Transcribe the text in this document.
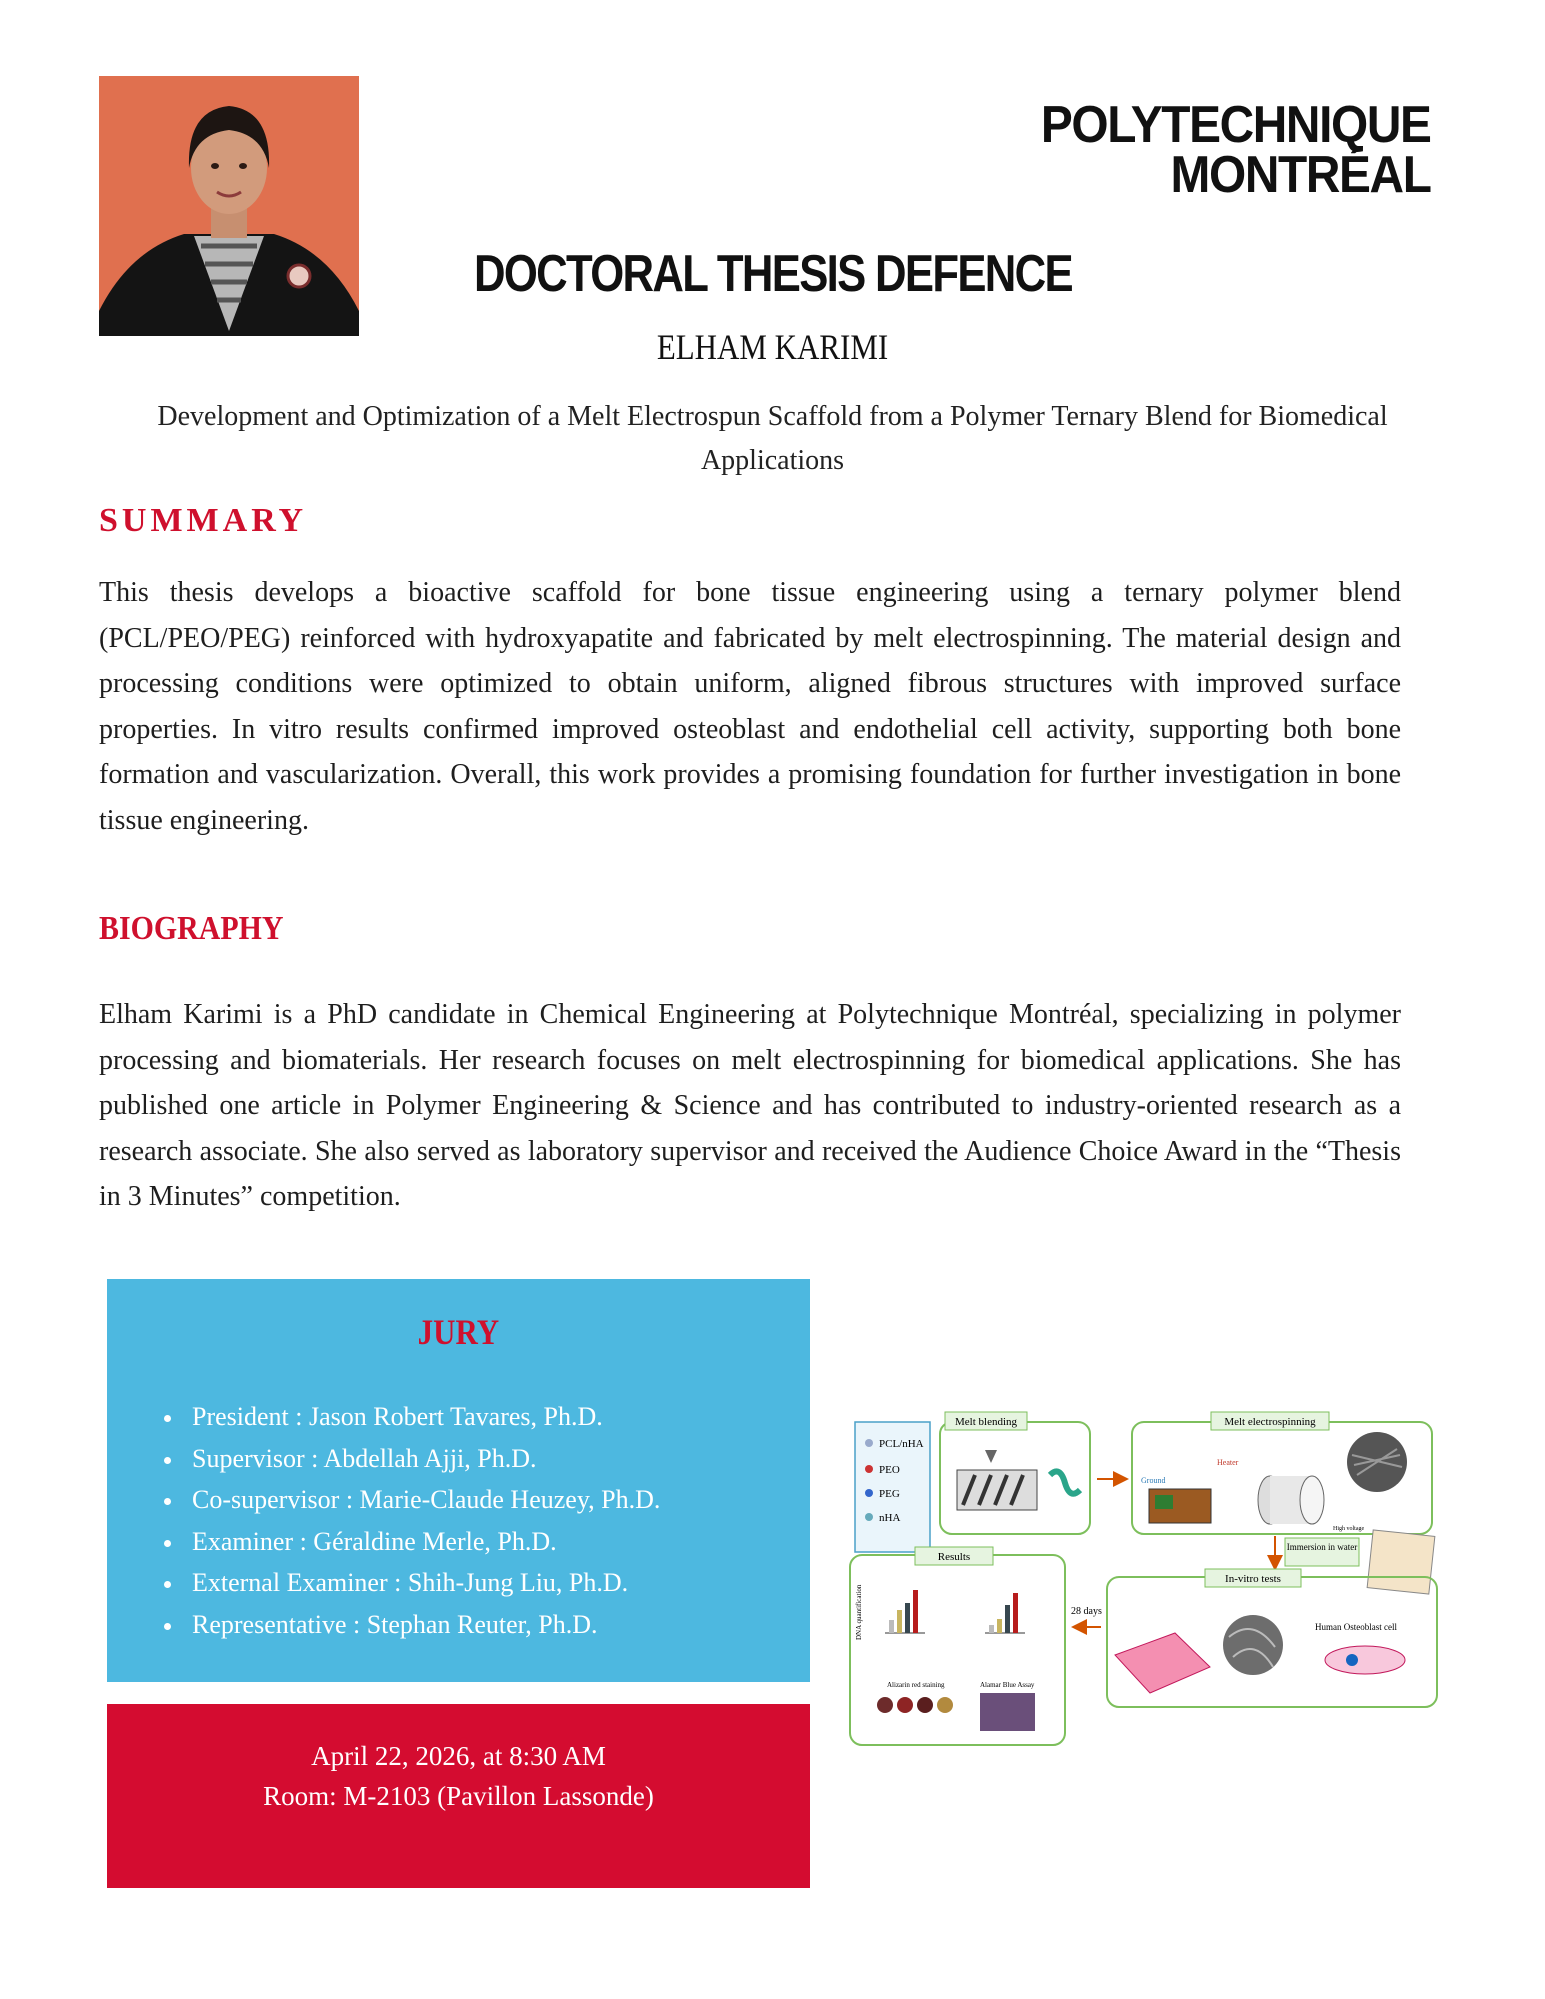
POLYTECHNIQUE
MONTRÉAL
DOCTORAL THESIS DEFENCE
ELHAM KARIMI
Development and Optimization of a Melt Electrospun Scaffold from a Polymer Ternary Blend for Biomedical Applications
SUMMARY

This thesis develops a bioactive scaffold for bone tissue engineering using a ternary polymer blend (PCL/PEO/PEG) reinforced with hydroxyapatite and fabricated by melt electrospinning. The material design and processing conditions were optimized to obtain uniform, aligned fibrous structures with improved surface properties. In vitro results confirmed improved osteoblast and endothelial cell activity, supporting both bone formation and vascularization. Overall, this work provides a promising foundation for further investigation in bone tissue engineering.

BIOGRAPHY

Elham Karimi is a PhD candidate in Chemical Engineering at Polytechnique Montréal, specializing in polymer processing and biomaterials. Her research focuses on melt electrospinning for biomedical applications. She has published one article in Polymer Engineering & Science and has contributed to industry-oriented research as a research associate. She also served as laboratory supervisor and received the Audience Choice Award in the “Thesis in 3 Minutes” competition.

JURY
President : Jason Robert Tavares, Ph.D.
Supervisor : Abdellah Ajji, Ph.D.
Co-supervisor : Marie-Claude Heuzey, Ph.D.
Examiner : Géraldine Merle, Ph.D.
External Examiner : Shih-Jung Liu, Ph.D.
Representative : Stephan Reuter, Ph.D.
April 22, 2026, at 8:30 AM
Room: M-2103 (Pavillon Lassonde)
PCL/nHA
PEO
PEG
nHA
Melt blending	Melt electrospinning
Heater
Ground
High voltage
Immersion in water
In-vitro tests
Human Osteoblast cell
28 days
Results
DNA quantification
Alizarin red staining	Alamar Blue Assay
